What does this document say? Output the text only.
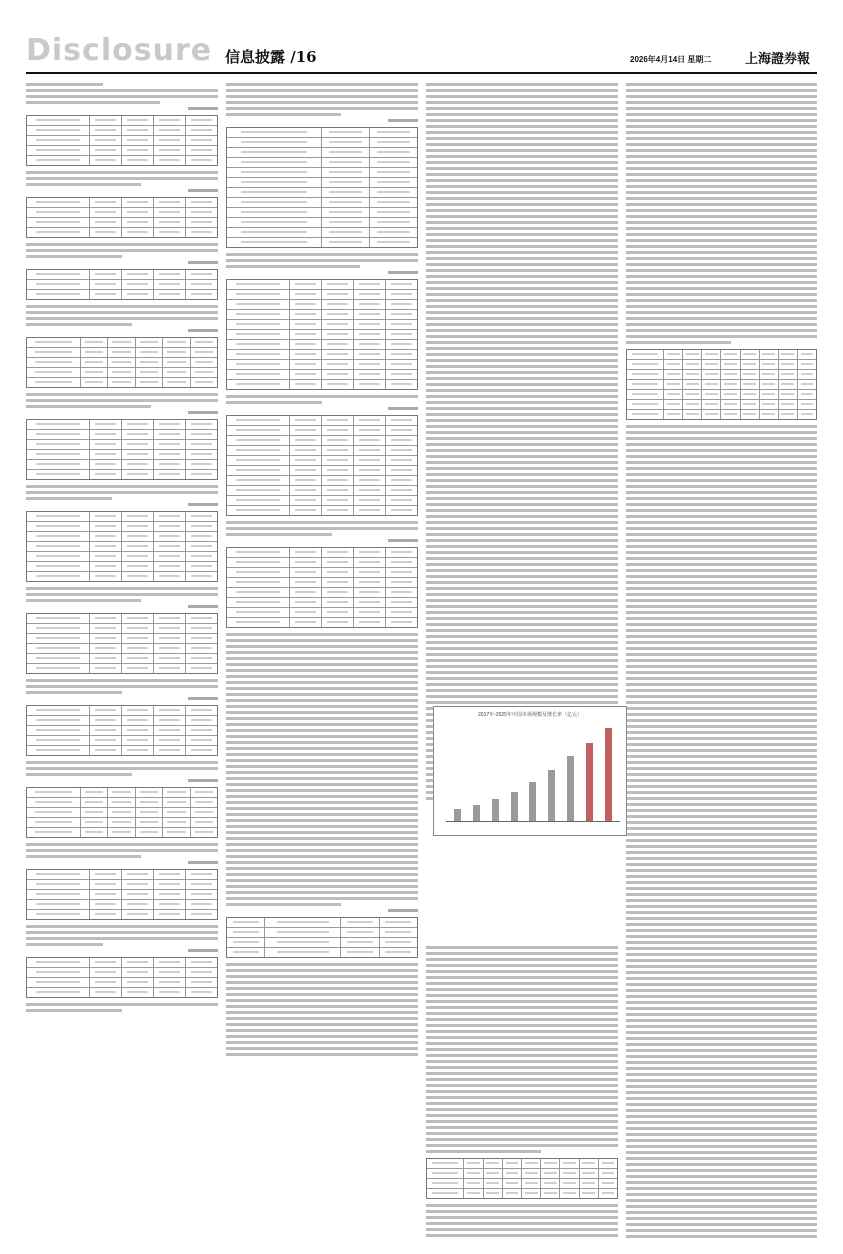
Disclosure 信息披露 /16	2026年4月14日 星期二	上海證券報
2017年-2025年中国市场规模及增长率（亿元）
